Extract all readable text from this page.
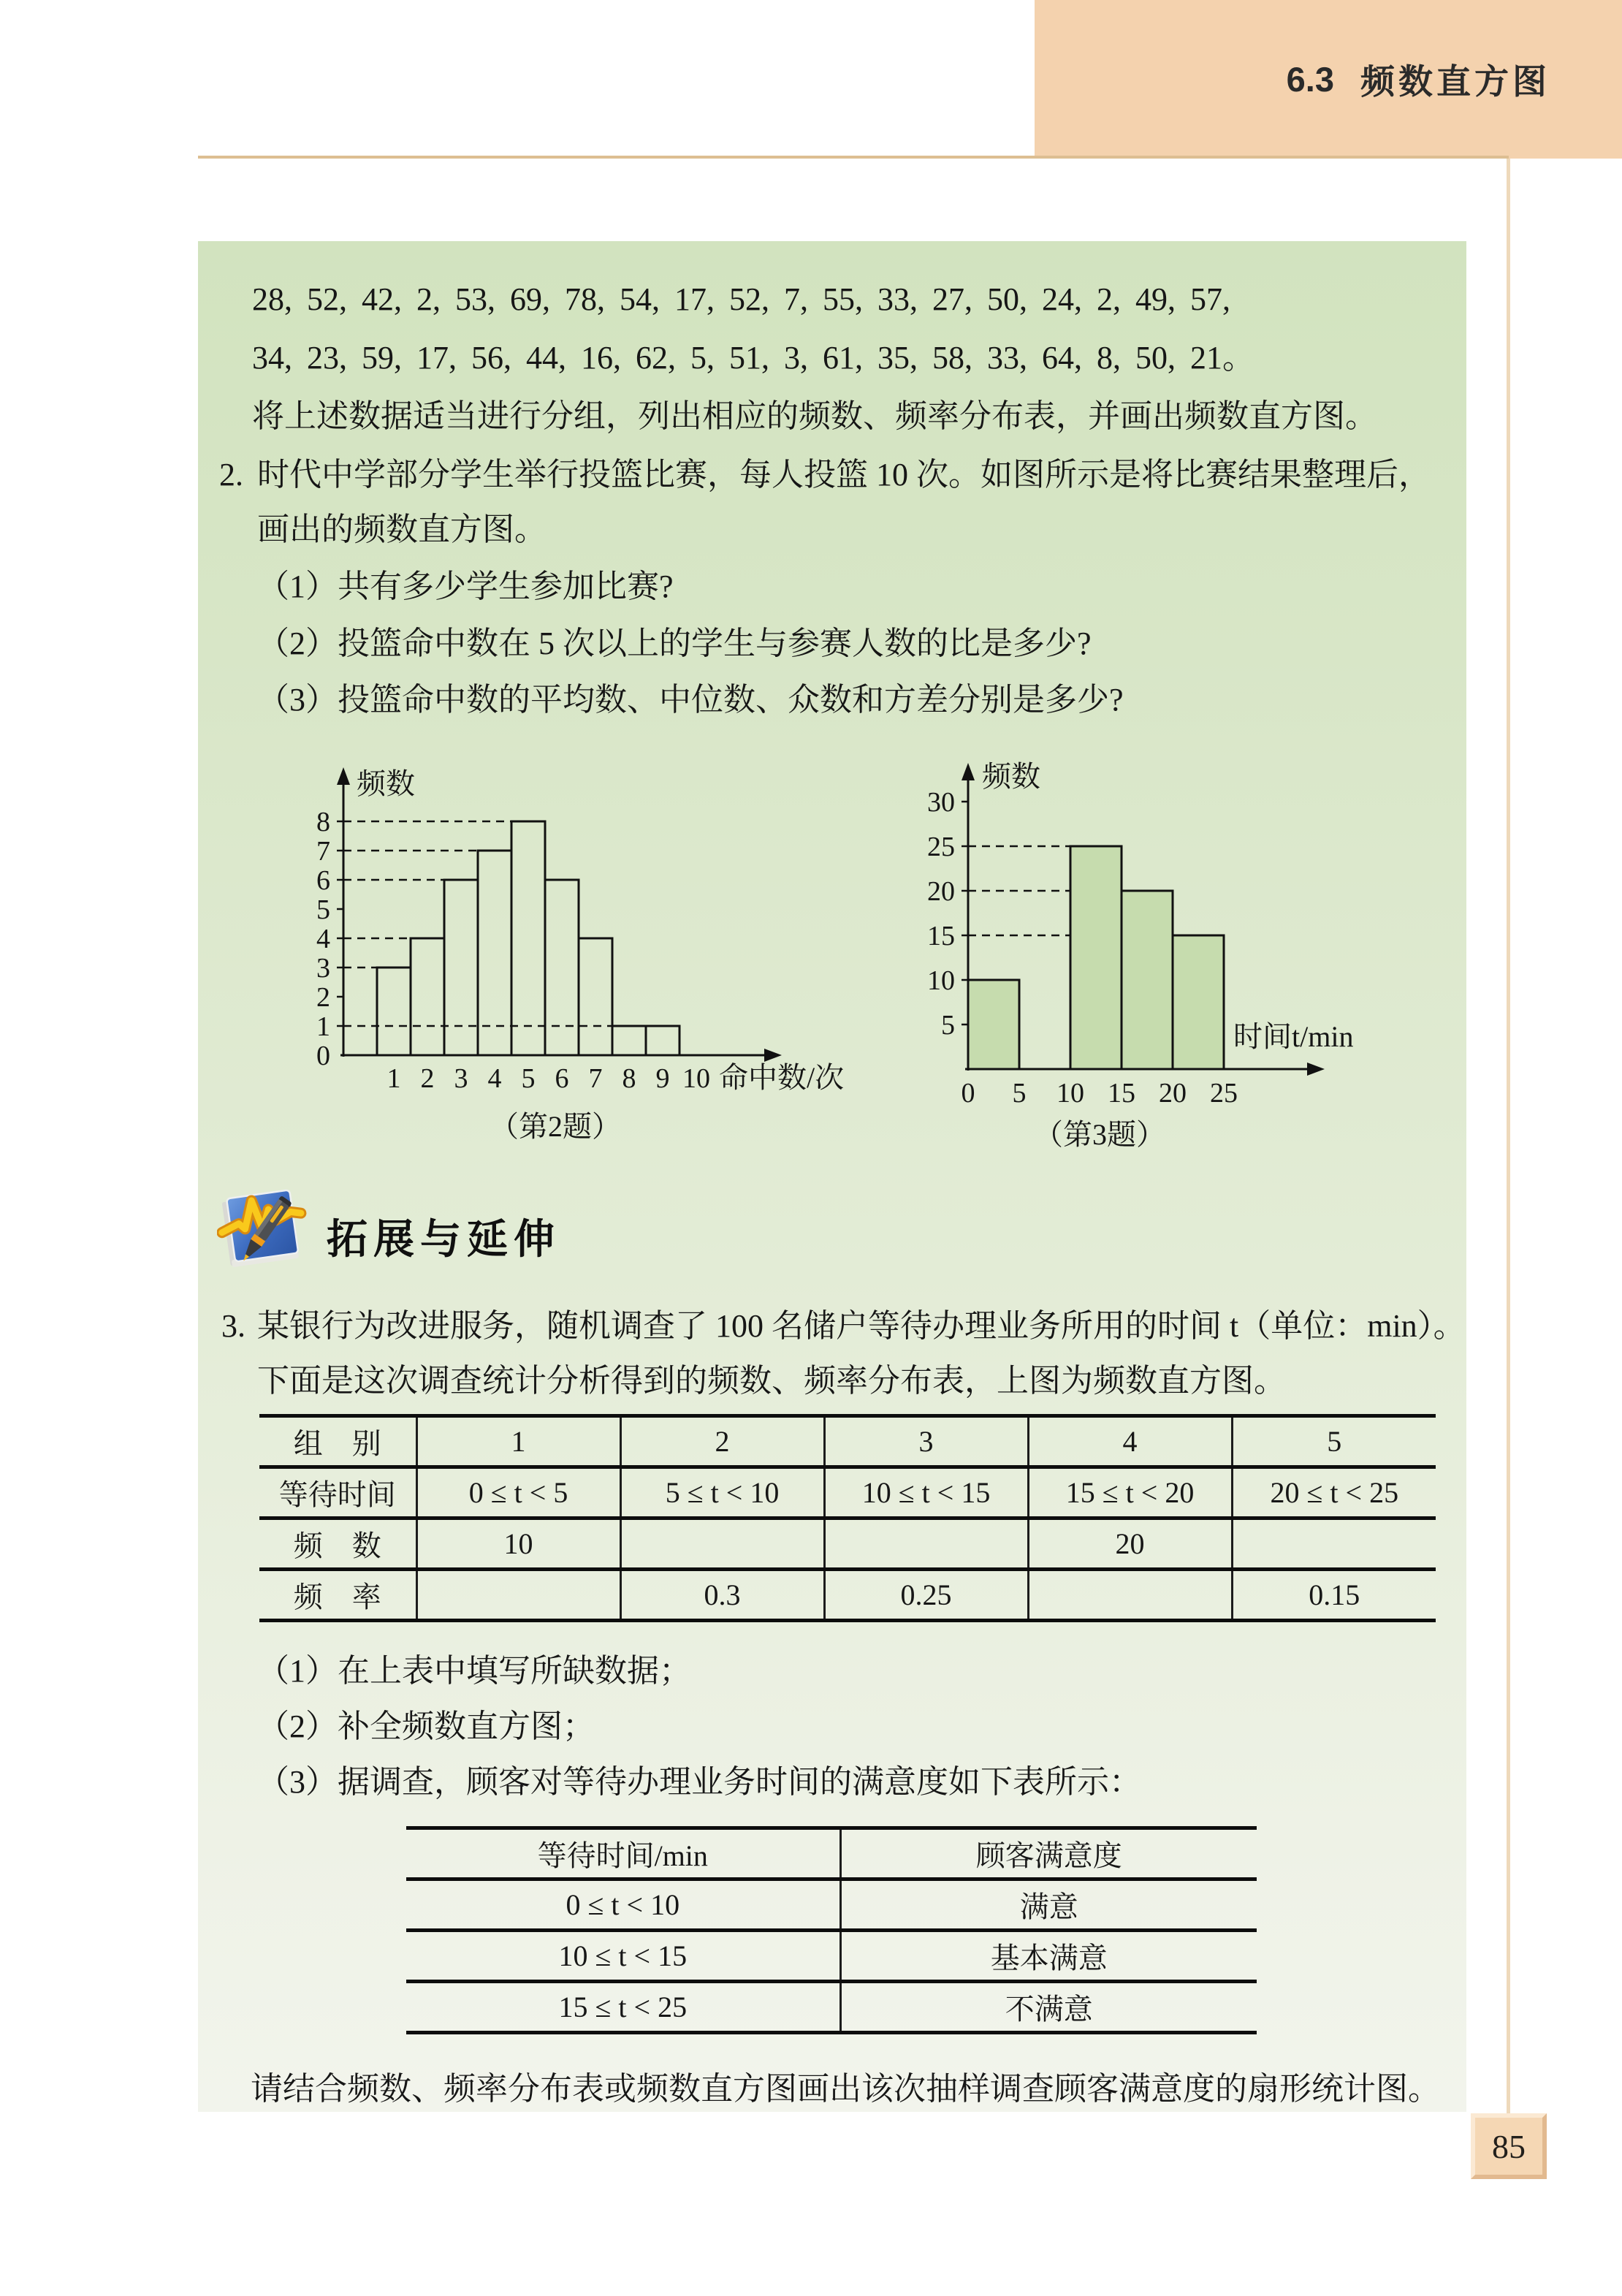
6.3 频数直方图
28, 52, 42, 2, 53, 69, 78, 54, 17, 52, 7, 55, 33, 27, 50, 24, 2, 49, 57,
34, 23, 59, 17, 56, 44, 16, 62, 5, 51, 3, 61, 35, 58, 33, 64, 8, 50, 21。
将上述数据适当进行分组，列出相应的频数、频率分布表，并画出频数直方图。
2. 时代中学部分学生举行投篮比赛，每人投篮 10 次。如图所示是将比赛结果整理后，
画出的频数直方图。
（1）共有多少学生参加比赛?
（2）投篮命中数在 5 次以上的学生与参赛人数的比是多少?
（3）投篮命中数的平均数、中位数、众数和方差分别是多少?
0
1
2
3
4
5
6
7
8
1 2 3 4 5 6 7 8 9 10
频数
命中数/次
（第2题）
5
10
15
20
25
30
0 5 10 15 20 25
频数
时间t/min
（第3题）
拓展与延伸
3. 某银行为改进服务，随机调查了 100 名储户等待办理业务所用的时间 t（单位：min）。
下面是这次调查统计分析得到的频数、频率分布表，上图为频数直方图。
组　别	1	2	3	4	5
等待时间	0 ≤ t < 5	5 ≤ t < 10	10 ≤ t < 15	15 ≤ t < 20	20 ≤ t < 25
频　数	10			20	
频　率		0.3	0.25		0.15
（1）在上表中填写所缺数据；
（2）补全频数直方图；
（3）据调查，顾客对等待办理业务时间的满意度如下表所示：
等待时间/min	顾客满意度
0 ≤ t < 10	满意
10 ≤ t < 15	基本满意
15 ≤ t < 25	不满意
请结合频数、频率分布表或频数直方图画出该次抽样调查顾客满意度的扇形统计图。
85
